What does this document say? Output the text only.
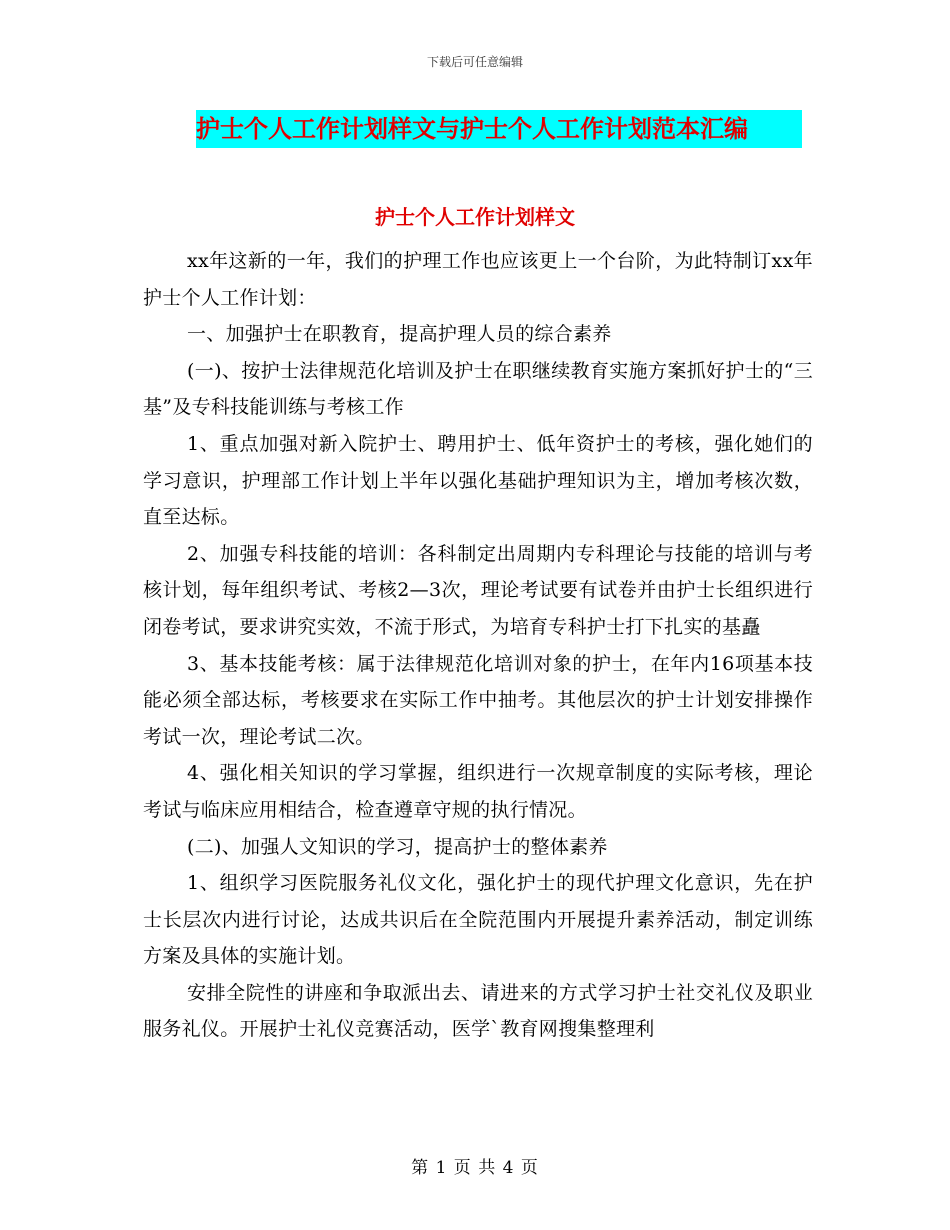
下载后可任意编辑
护士个人工作计划样文与护士个人工作计划范本汇编
护士个人工作计划样文

xx年这新的一年，我们的护理工作也应该更上一个台阶，为此特制订xx年护士个人工作计划：

一、加强护士在职教育，提高护理人员的综合素养

(一)、按护士法律规范化培训及护士在职继续教育实施方案抓好护士的“三基”及专科技能训练与考核工作

1、重点加强对新入院护士、聘用护士、低年资护士的考核，强化她们的学习意识，护理部工作计划上半年以强化基础护理知识为主，增加考核次数，直至达标。

2、加强专科技能的培训：各科制定出周期内专科理论与技能的培训与考核计划，每年组织考试、考核2—3次，理论考试要有试卷并由护士长组织进行闭卷考试，要求讲究实效，不流于形式，为培育专科护士打下扎实的基矗

3、基本技能考核：属于法律规范化培训对象的护士，在年内16项基本技能必须全部达标，考核要求在实际工作中抽考。其他层次的护士计划安排操作考试一次，理论考试二次。

4、强化相关知识的学习掌握，组织进行一次规章制度的实际考核，理论考试与临床应用相结合，检查遵章守规的执行情况。

(二)、加强人文知识的学习，提高护士的整体素养

1、组织学习医院服务礼仪文化，强化护士的现代护理文化意识，先在护士长层次内进行讨论，达成共识后在全院范围内开展提升素养活动，制定训练方案及具体的实施计划。

安排全院性的讲座和争取派出去、请进来的方式学习护士社交礼仪及职业服务礼仪。开展护士礼仪竞赛活动，医学`教育网搜集整理利

第 1 页 共 4 页
